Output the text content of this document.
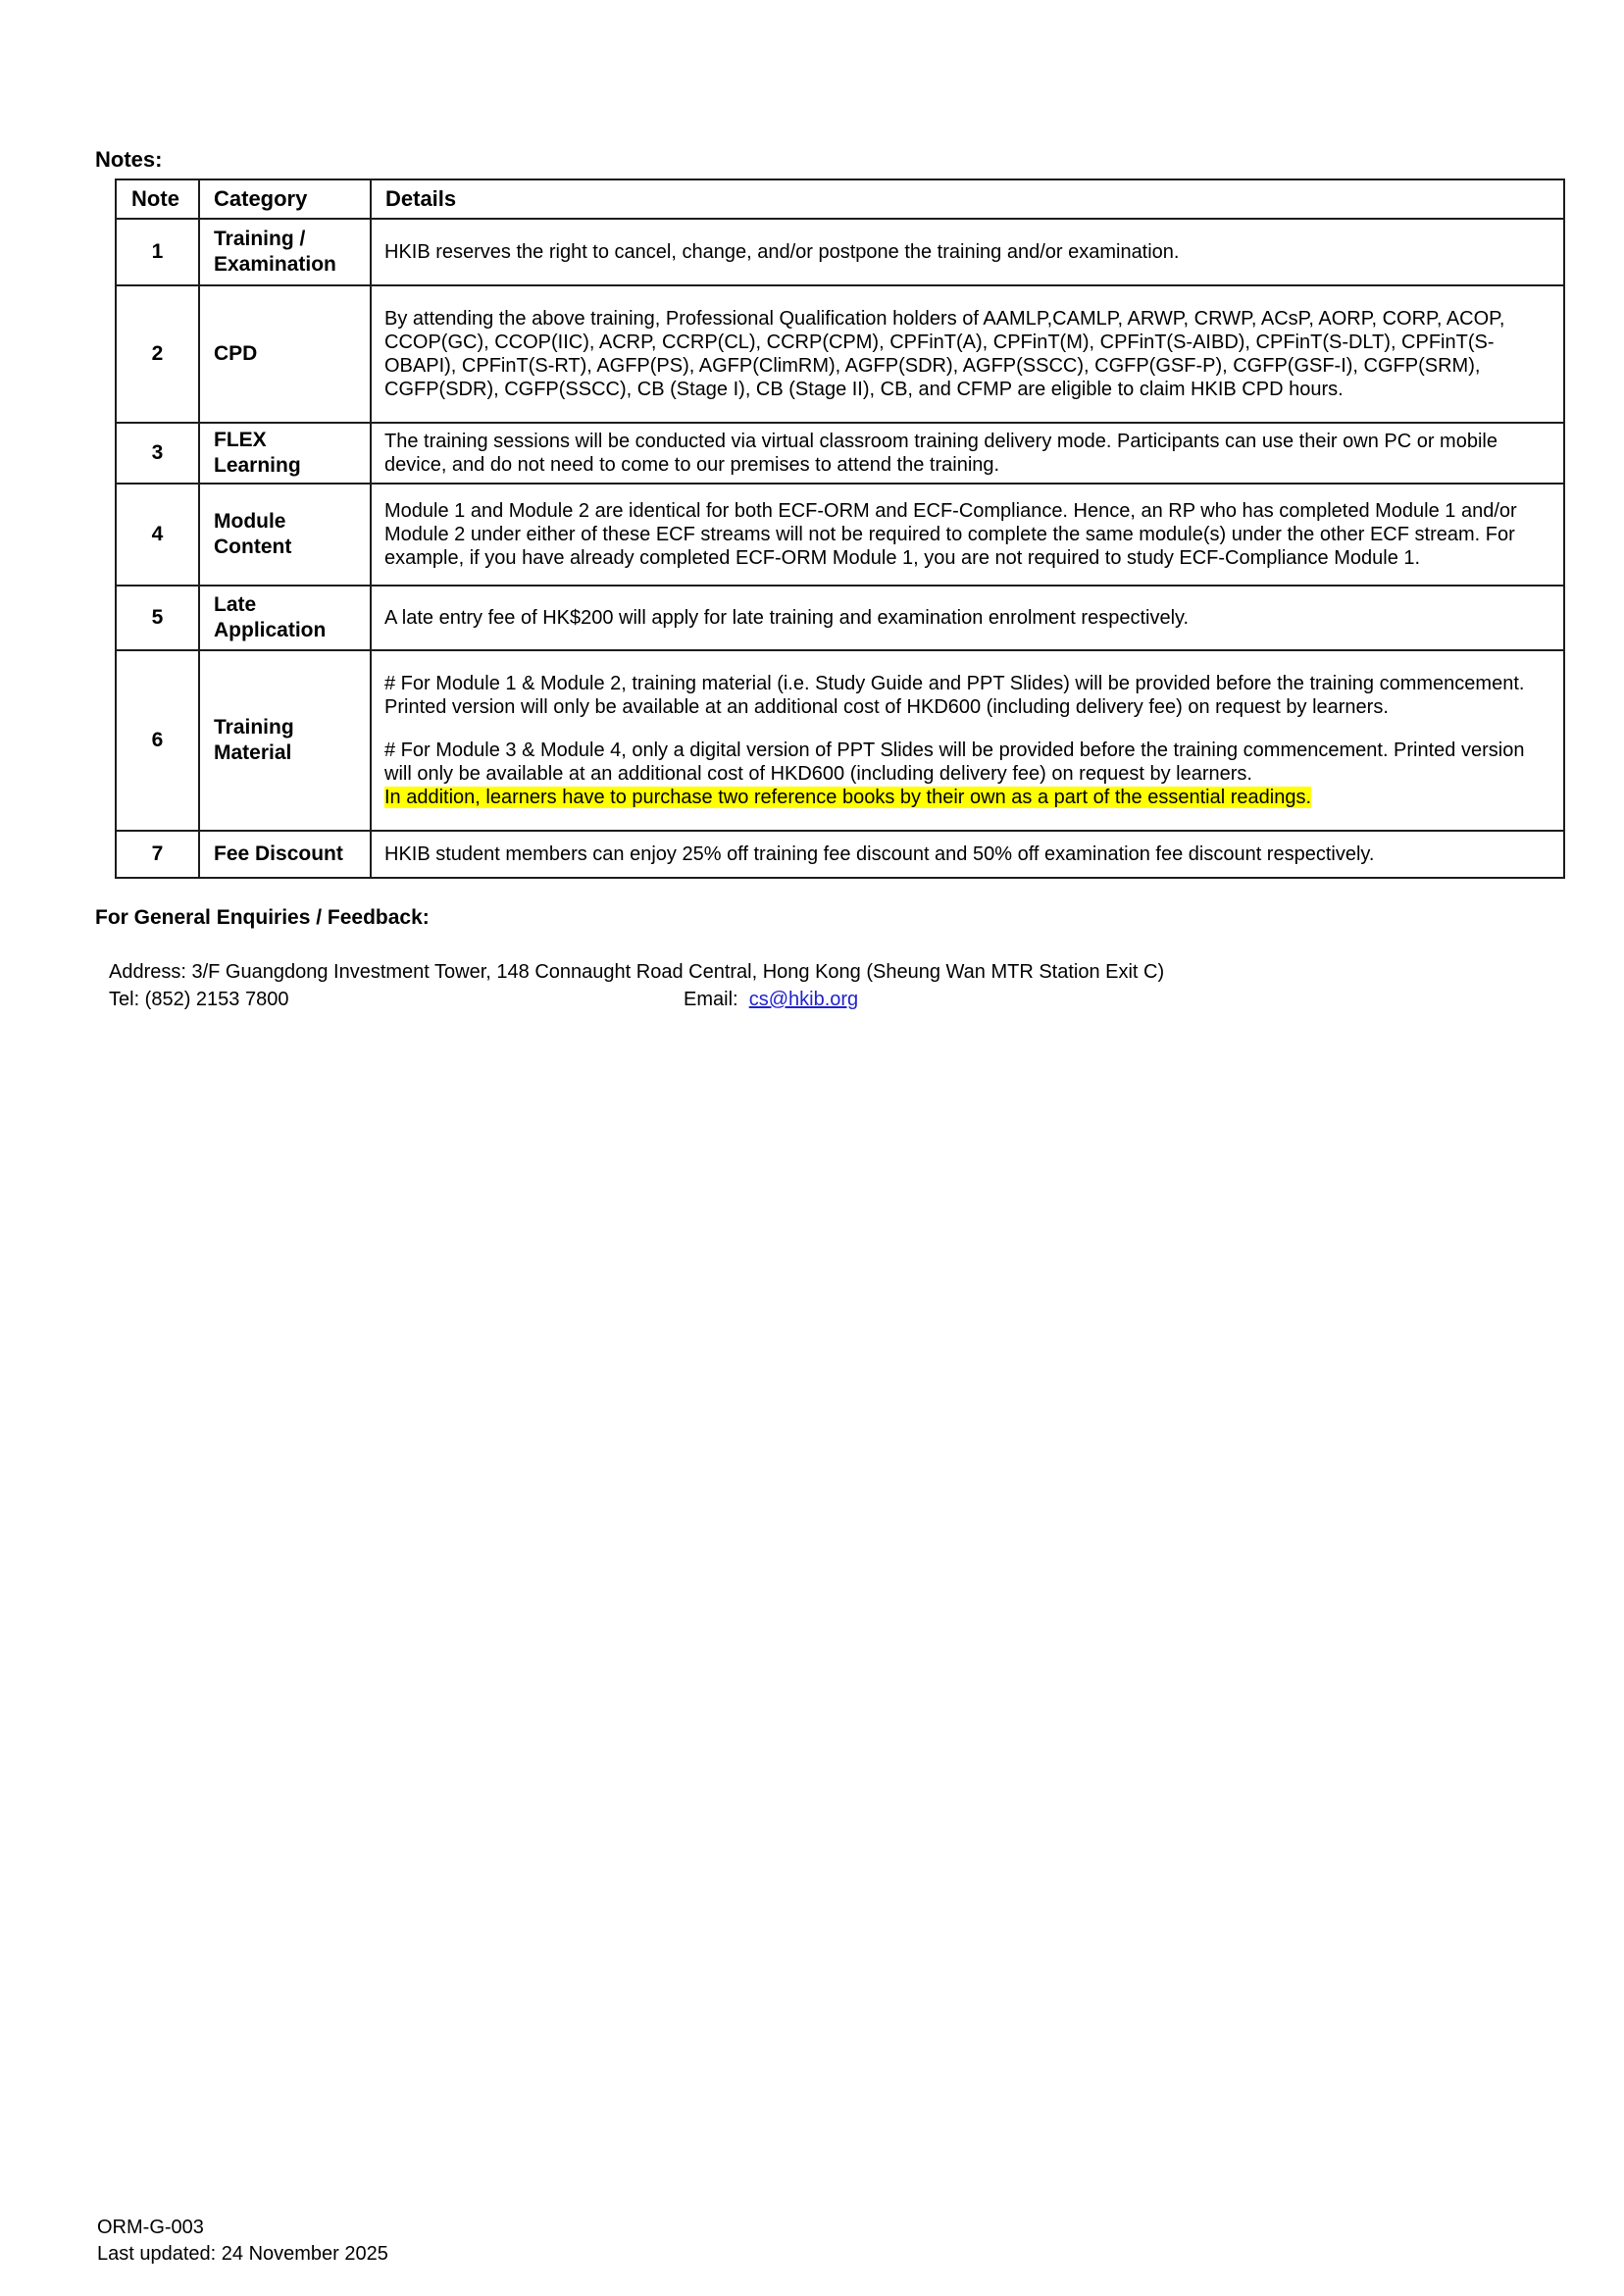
Notes:
Note	Category	Details
1	Training / Examination	HKIB reserves the right to cancel, change, and/or postpone the training and/or examination.

2	CPD	By attending the above training, Professional Qualification holders of AAMLP,CAMLP, ARWP, CRWP, ACsP, AORP, CORP, ACOP, CCOP(GC), CCOP(IIC), ACRP, CCRP(CL), CCRP(CPM), CPFinT(A), CPFinT(M), CPFinT(S-AIBD), CPFinT(S-DLT), CPFinT(S-OBAPI), CPFinT(S-RT), AGFP(PS), AGFP(ClimRM), AGFP(SDR), AGFP(SSCC), CGFP(GSF-P), CGFP(GSF-I), CGFP(SRM), CGFP(SDR), CGFP(SSCC), CB (Stage I), CB (Stage II), CB, and CFMP are eligible to claim HKIB CPD hours.

3	FLEX Learning	The training sessions will be conducted via virtual classroom training delivery mode. Participants can use their own PC or mobile device, and do not need to come to our premises to attend the training.

4	Module Content	Module 1 and Module 2 are identical for both ECF-ORM and ECF-Compliance. Hence, an RP who has completed Module 1 and/or Module 2 under either of these ECF streams will not be required to complete the same module(s) under the other ECF stream. For example, if you have already completed ECF-ORM Module 1, you are not required to study ECF-Compliance Module 1.

5	Late Application	A late entry fee of HK$200 will apply for late training and examination enrolment respectively.

6	Training Material	# For Module 1 & Module 2, training material (i.e. Study Guide and PPT Slides) will be provided before the training commencement. Printed version will only be available at an additional cost of HKD600 (including delivery fee) on request by learners.
# For Module 3 & Module 4, only a digital version of PPT Slides will be provided before the training commencement. Printed version will only be available at an additional cost of HKD600 (including delivery fee) on request by learners.
In addition, learners have to purchase two reference books by their own as a part of the essential readings.

7	Fee Discount	HKIB student members can enjoy 25% off training fee discount and 50% off examination fee discount respectively.
For General Enquiries / Feedback:
Address: 3/F Guangdong Investment Tower, 148 Connaught Road Central, Hong Kong (Sheung Wan MTR Station Exit C)
Tel: (852) 2153 7800	Email: cs@hkib.org
ORM-G-003
Last updated: 24 November 2025
